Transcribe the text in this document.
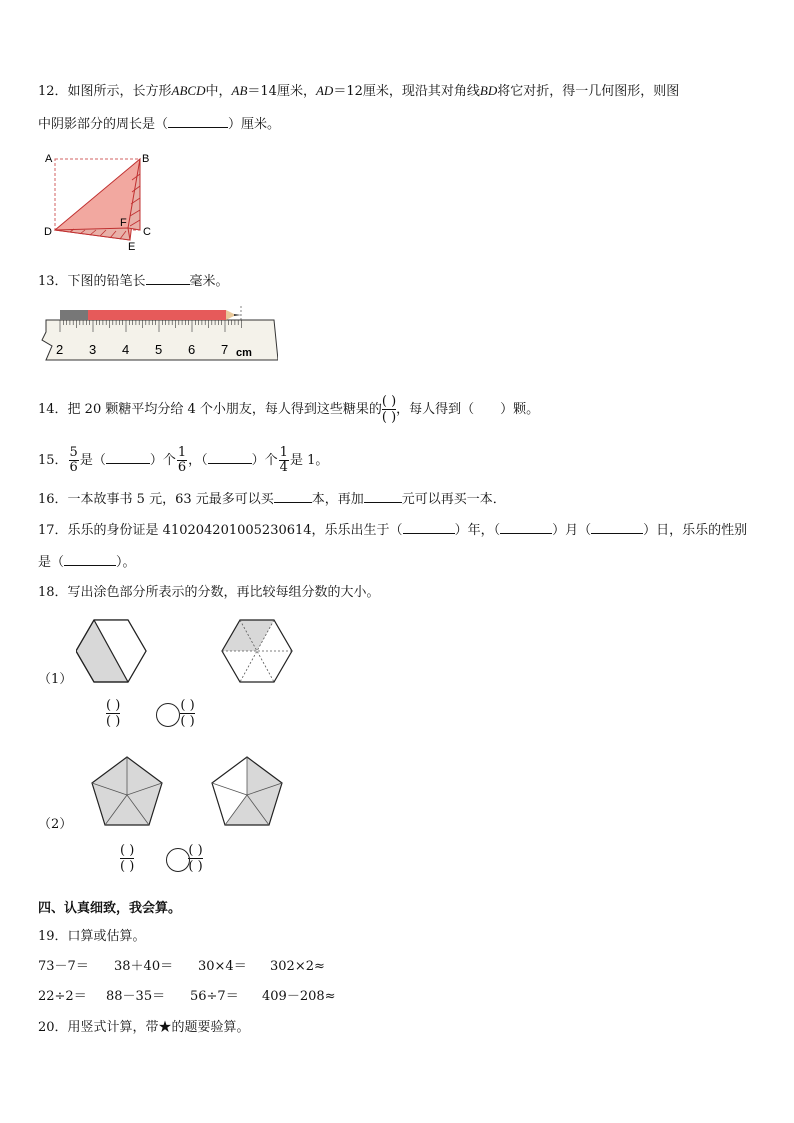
12．如图所示，长方形ABCD中，AB＝14厘米，AD＝12厘米，现沿其对角线BD将它对折，得一几何图形，则图
中阴影部分的周长是（	）厘米。
A	B
D
F
C
E
13．下图的铅笔长	毫米。
2 3 4 5 6 7 cm
14．把 20 颗糖平均分给 4 个小朋友，每人得到这些糖果的
( )
( )，每人得到（　　）颗。
15． $\frac{5}{6}$ 是（	）个 $\frac{1}{6}$ ，（	）个 $\frac{1}{4}$ 是 1。
16．一本故事书 5 元，63 元最多可以买	本，再加	元可以再买一本．
17．乐乐的身份证是 410204201005230614，乐乐出生于（	）年，（	）月（	）日，乐乐的性别
是（	）。
18．写出涂色部分所表示的分数，再比较每组分数的大小。
（1）
( )
( )
( )
( )
（2）
( )
( )
( )
( )
四、认真细致，我会算。
19．口算或估算。
73－7＝ 38＋40＝ 30×4＝ 302×2≈
22÷2＝ 88－35＝ 56÷7＝ 409－208≈
20．用竖式计算，带★的题要验算。
